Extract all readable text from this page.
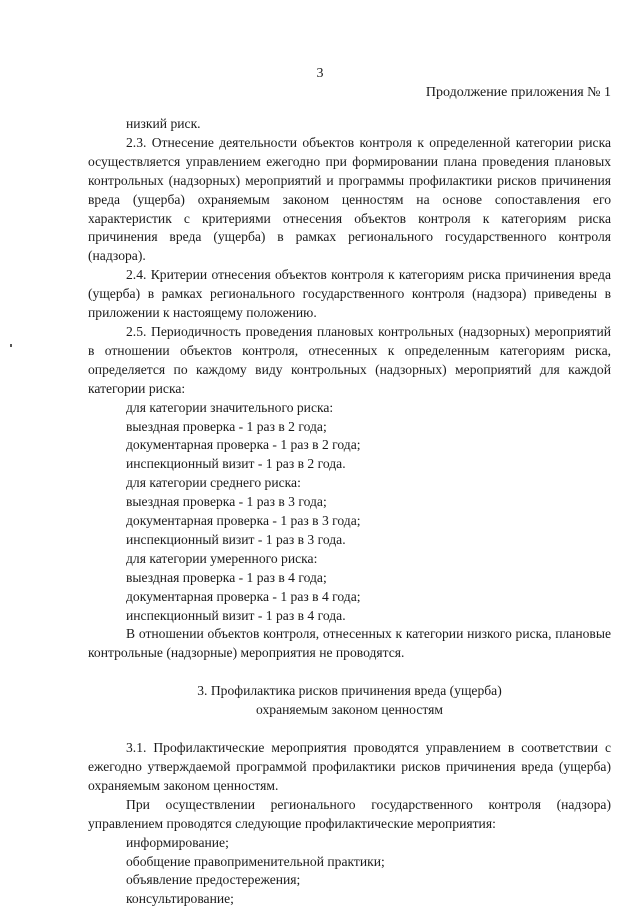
3
Продолжение приложения № 1

низкий риск.

2.3. Отнесение деятельности объектов контроля к определенной категории риска осуществляется управлением ежегодно при формировании плана проведения плановых контрольных (надзорных) мероприятий и программы профилактики рисков причинения вреда (ущерба) охраняемым законом ценностям на основе сопоставления его характеристик с критериями отнесения объектов контроля к категориям риска причинения вреда (ущерба) в рамках регионального государственного контроля (надзора).

2.4. Критерии отнесения объектов контроля к категориям риска причинения вреда (ущерба) в рамках регионального государственного контроля (надзора) приведены в приложении к настоящему положению.

2.5. Периодичность проведения плановых контрольных (надзорных) мероприятий в отношении объектов контроля, отнесенных к определенным категориям риска, определяется по каждому виду контрольных (надзорных) мероприятий для каждой категории риска:

для категории значительного риска:

выездная проверка - 1 раз в 2 года;

документарная проверка - 1 раз в 2 года;

инспекционный визит - 1 раз в 2 года.

для категории среднего риска:

выездная проверка - 1 раз в 3 года;

документарная проверка - 1 раз в 3 года;

инспекционный визит - 1 раз в 3 года.

для категории умеренного риска:

выездная проверка - 1 раз в 4 года;

документарная проверка - 1 раз в 4 года;

инспекционный визит - 1 раз в 4 года.

В отношении объектов контроля, отнесенных к категории низкого риска, плановые контрольные (надзорные) мероприятия не проводятся.

3. Профилактика рисков причинения вреда (ущерба)
охраняемым законом ценностям

3.1. Профилактические мероприятия проводятся управлением в соответствии с ежегодно утверждаемой программой профилактики рисков причинения вреда (ущерба) охраняемым законом ценностям.

При осуществлении регионального государственного контроля (надзора) управлением проводятся следующие профилактические мероприятия:

информирование;

обобщение правоприменительной практики;

объявление предостережения;

консультирование;
